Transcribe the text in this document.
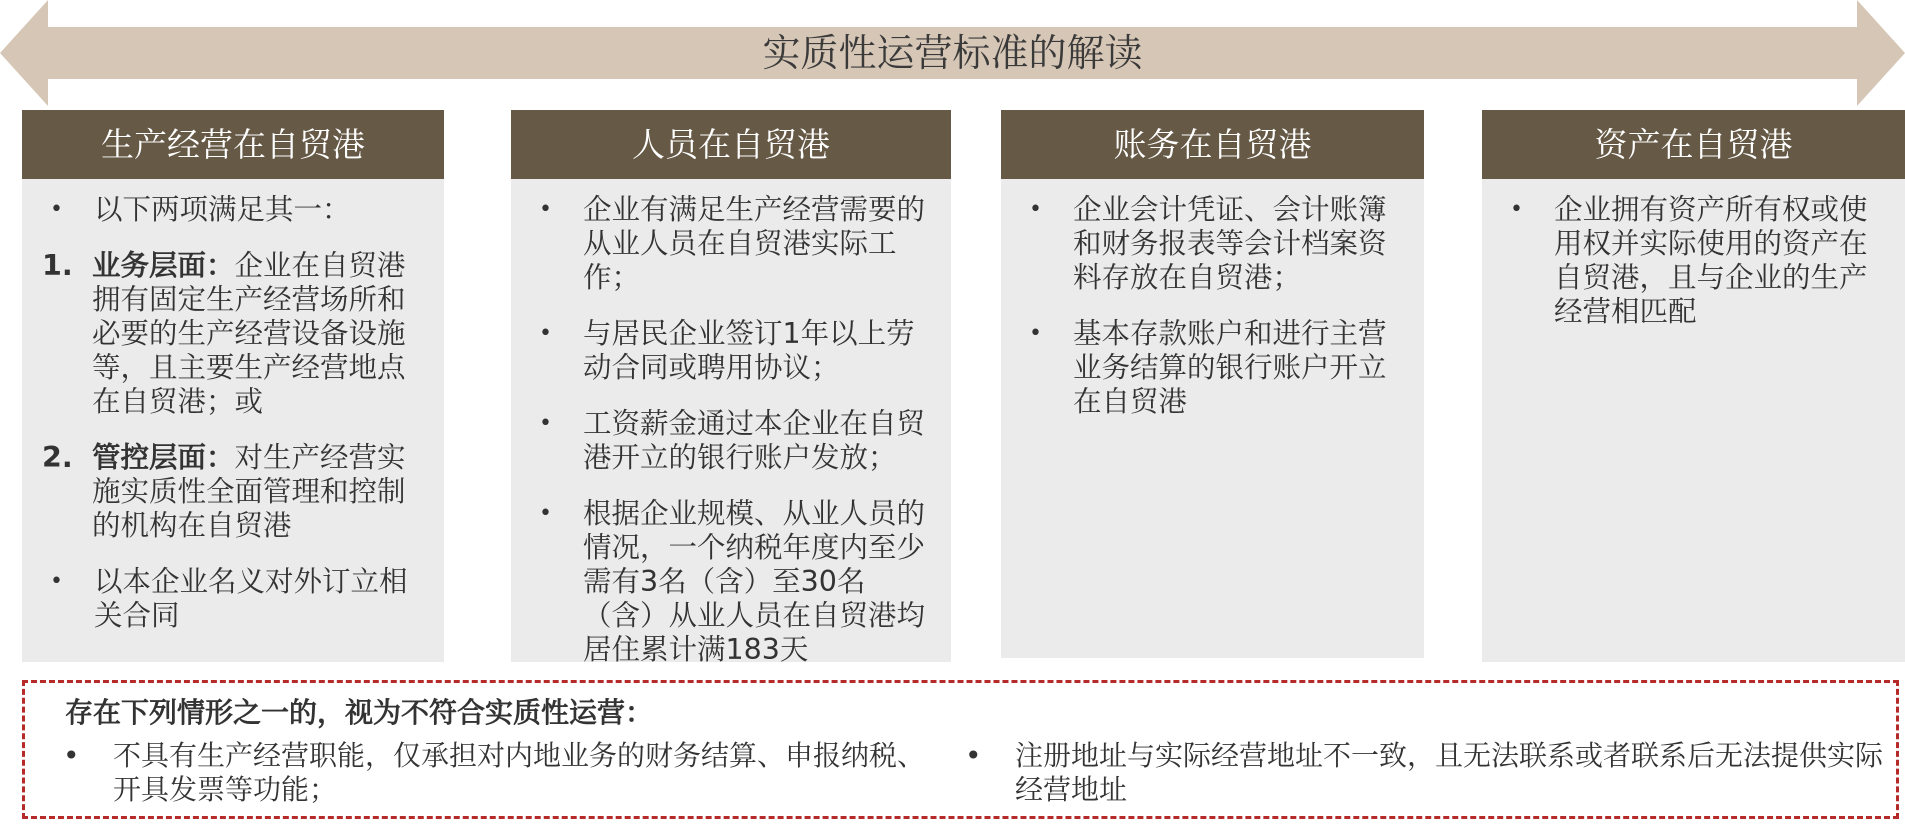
实质性运营标准的解读
生产经营在自贸港
•	以下两项满足其一：
1. 业务层面：企业在自贸港拥有固定生产经营场所和必要的生产经营设备设施等，且主要生产经营地点在自贸港；或
2. 管控层面：对生产经营实施实质性全面管理和控制的机构在自贸港
•	以本企业名义对外订立相关合同
人员在自贸港
•	企业有满足生产经营需要的从业人员在自贸港实际工作；
•	与居民企业签订1年以上劳动合同或聘用协议；
•	工资薪金通过本企业在自贸港开立的银行账户发放；
•	根据企业规模、从业人员的情况，一个纳税年度内至少需有3名（含）至30名（含）从业人员在自贸港均居住累计满183天
账务在自贸港
•	企业会计凭证、会计账簿和财务报表等会计档案资料存放在自贸港；
•	基本存款账户和进行主营业务结算的银行账户开立在自贸港
资产在自贸港
•	企业拥有资产所有权或使用权并实际使用的资产在自贸港，且与企业的生产经营相匹配
存在下列情形之一的，视为不符合实质性运营：
•	不具有生产经营职能，仅承担对内地业务的财务结算、申报纳税、开具发票等功能；
•	注册地址与实际经营地址不一致，且无法联系或者联系后无法提供实际经营地址
